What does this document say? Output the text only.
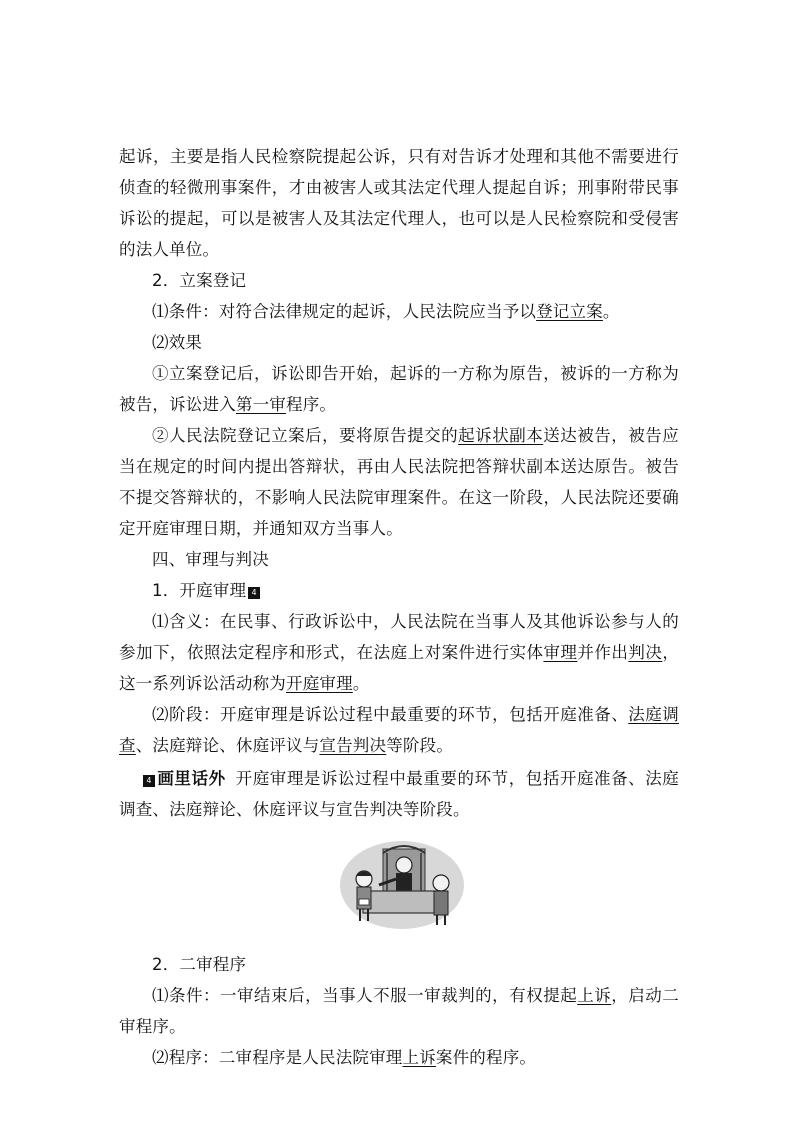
起诉，主要是指人民检察院提起公诉，只有对告诉才处理和其他不需要进行侦查的轻微刑事案件，才由被害人或其法定代理人提起自诉；刑事附带民事诉讼的提起，可以是被害人及其法定代理人，也可以是人民检察院和受侵害的法人单位。

2．立案登记

⑴条件：对符合法律规定的起诉，人民法院应当予以登记立案。

⑵效果

①立案登记后，诉讼即告开始，起诉的一方称为原告，被诉的一方称为被告，诉讼进入第一审程序。

②人民法院登记立案后，要将原告提交的起诉状副本送达被告，被告应当在规定的时间内提出答辩状，再由人民法院把答辩状副本送达原告。被告不提交答辩状的，不影响人民法院审理案件。在这一阶段，人民法院还要确定开庭审理日期，并通知双方当事人。

四、审理与判决

1．开庭审理 4

⑴含义：在民事、行政诉讼中，人民法院在当事人及其他诉讼参与人的参加下，依照法定程序和形式，在法庭上对案件进行实体审理并作出判决，这一系列诉讼活动称为开庭审理。

⑵阶段：开庭审理是诉讼过程中最重要的环节，包括开庭准备、法庭调查、法庭辩论、休庭评议与宣告判决等阶段。

4 画里话外 开庭审理是诉讼过程中最重要的环节，包括开庭准备、法庭调查、法庭辩论、休庭评议与宣告判决等阶段。

2．二审程序

⑴条件：一审结束后，当事人不服一审裁判的，有权提起上诉，启动二审程序。

⑵程序：二审程序是人民法院审理上诉案件的程序。
